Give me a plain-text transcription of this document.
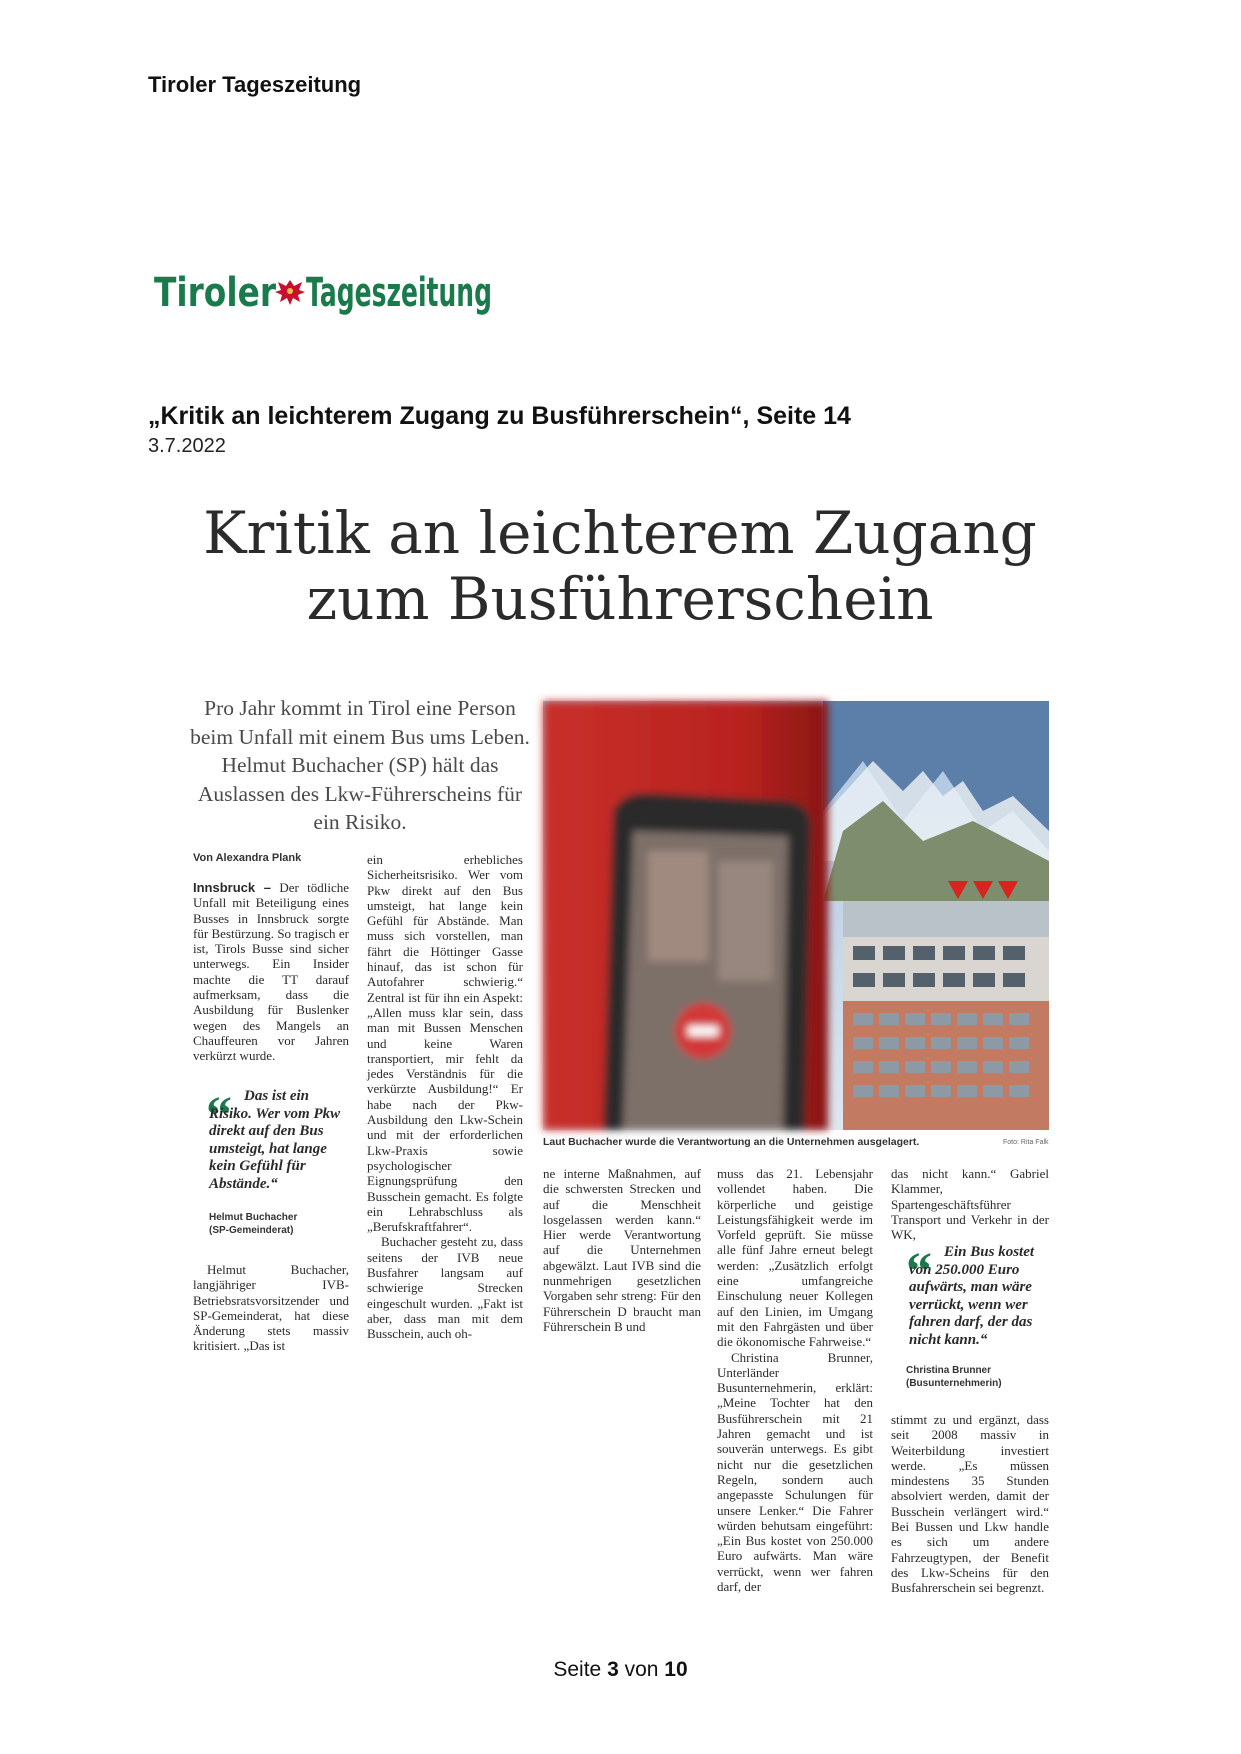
Tiroler Tageszeitung
Tiroler Tageszeitung
„Kritik an leichterem Zugang zu Busführerschein“, Seite 14
3.7.2022
Kritik an leichterem Zugang
zum Busführerschein
Pro Jahr kommt in Tirol eine Person beim Unfall mit einem Bus ums Leben. Helmut Buchacher (SP) hält das Auslassen des Lkw-Führerscheins für ein Risiko.
Von Alexandra Plank

Innsbruck – Der tödliche Unfall mit Beteiligung eines Busses in Innsbruck sorgte für Bestürzung. So tragisch er ist, Tirols Busse sind sicher unterwegs. Ein Insider machte die TT darauf aufmerksam, dass die Ausbildung für Buslenker wegen des Mangels an Chauffeuren vor Jahren verkürzt wurde.

“ Das ist ein Risiko. Wer vom Pkw direkt auf den Bus umsteigt, hat lange kein Gefühl für Abstände.“
Helmut Buchacher
(SP-Gemeinderat)

Helmut Buchacher, langjähriger IVB-Betriebsratsvorsitzender und SP-Gemeinderat, hat diese Änderung stets massiv kritisiert. „Das ist

ein erhebliches Sicherheitsrisiko. Wer vom Pkw direkt auf den Bus umsteigt, hat lange kein Gefühl für Abstände. Man muss sich vorstellen, man fährt die Höttinger Gasse hinauf, das ist schon für Autofahrer schwierig.“ Zentral ist für ihn ein Aspekt: „Allen muss klar sein, dass man mit Bussen Menschen und keine Waren transportiert, mir fehlt da jedes Verständnis für die verkürzte Ausbildung!“ Er habe nach der Pkw-Ausbildung den Lkw-Schein und mit der erforderlichen Lkw-Praxis sowie psychologischer Eignungsprüfung den Busschein gemacht. Es folgte ein Lehrabschluss als „Berufskraftfahrer“.

Buchacher gesteht zu, dass seitens der IVB neue Busfahrer langsam auf schwierige Strecken eingeschult wurden. „Fakt ist aber, dass man mit dem Busschein, auch oh-

Laut Buchacher wurde die Verantwortung an die Unternehmen ausgelagert.	Foto: Rita Falk

ne interne Maßnahmen, auf die schwersten Strecken und auf die Menschheit losgelassen werden kann.“ Hier werde Verantwortung auf die Unternehmen abgewälzt. Laut IVB sind die nunmehrigen gesetzlichen Vorgaben sehr streng: Für den Führerschein D braucht man Führerschein B und

muss das 21. Lebensjahr vollendet haben. Die körperliche und geistige Leistungsfähigkeit werde im Vorfeld geprüft. Sie müsse alle fünf Jahre erneut belegt werden: „Zusätzlich erfolgt eine umfangreiche Einschulung neuer Kollegen auf den Linien, im Umgang mit den Fahrgästen und über die ökonomische Fahrweise.“

Christina Brunner, Unterländer Busunternehmerin, erklärt: „Meine Tochter hat den Busführerschein mit 21 Jahren gemacht und ist souverän unterwegs. Es gibt nicht nur die gesetzlichen Regeln, sondern auch angepasste Schulungen für unsere Lenker.“ Die Fahrer würden behutsam eingeführt: „Ein Bus kostet von 250.000 Euro aufwärts. Man wäre verrückt, wenn wer fahren darf, der

das nicht kann.“ Gabriel Klammer, Spartengeschäftsführer Transport und Verkehr in der WK,

“ Ein Bus kostet von 250.000 Euro aufwärts, man wäre verrückt, wenn wer fahren darf, der das nicht kann.“
Christina Brunner
(Busunternehmerin)

stimmt zu und ergänzt, dass seit 2008 massiv in Weiterbildung investiert werde. „Es müssen mindestens 35 Stunden absolviert werden, damit der Busschein verlängert wird.“ Bei Bussen und Lkw handle es sich um andere Fahrzeugtypen, der Benefit des Lkw-Scheins für den Busfahrerschein sei begrenzt.

Seite 3 von 10
